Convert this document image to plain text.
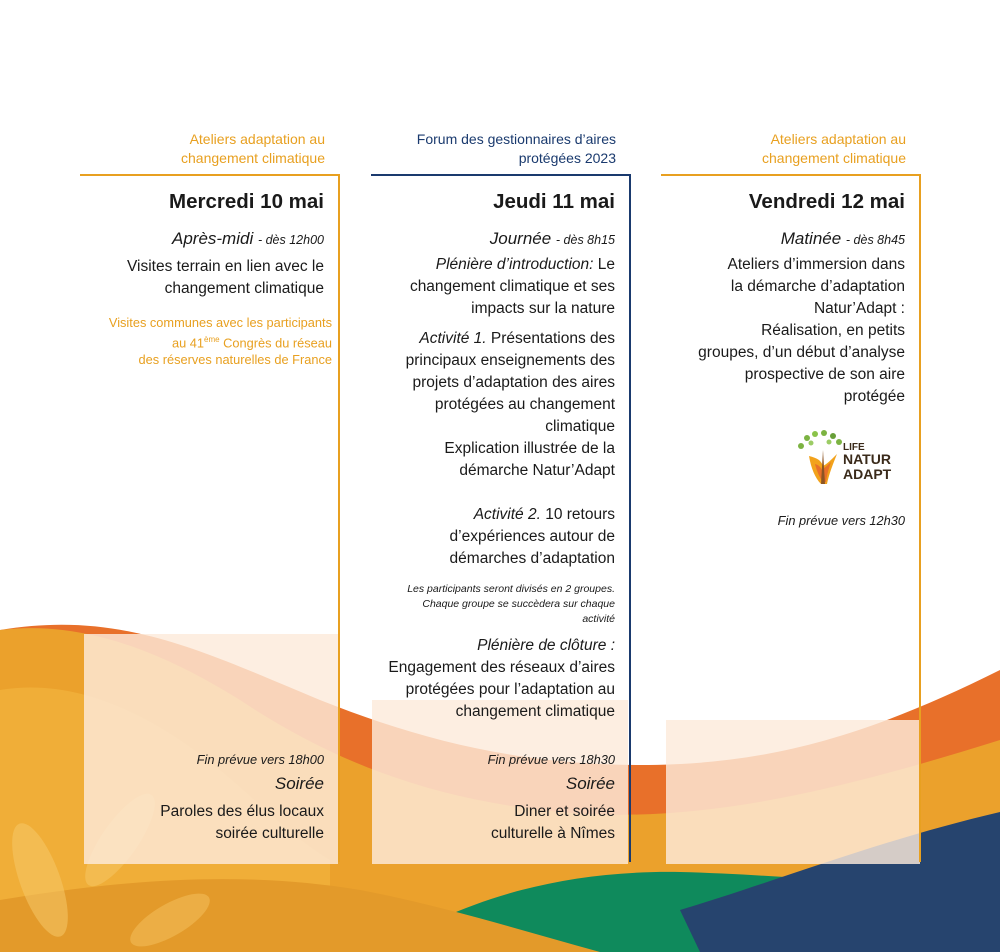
Ateliers adaptation au
changement climatique
Mercredi 10 mai
Après-midi - dès 12h00
Visites terrain en lien avec le
changement climatique
Visites communes avec les participants
au 41ème Congrès du réseau
des réserves naturelles de France
Fin prévue vers 18h00
Soirée
Paroles des élus locaux
soirée culturelle
Forum des gestionnaires d’aires
protégées 2023
Jeudi 11 mai
Journée - dès 8h15
Plénière d’introduction: Le
changement climatique et ses
impacts sur la nature
Activité 1. Présentations des
principaux enseignements des
projets d’adaptation des aires
protégées au changement
climatique
Explication illustrée de la
démarche Natur’Adapt
Activité 2. 10 retours
d’expériences autour de
démarches d’adaptation
Les participants seront divisés en 2 groupes.
Chaque groupe se succèdera sur chaque
activité
Plénière de clôture :
Engagement des réseaux d’aires
protégées pour l’adaptation au
changement climatique
Fin prévue vers 18h30
Soirée
Diner et soirée
culturelle à Nîmes
Ateliers adaptation au
changement climatique
Vendredi 12 mai
Matinée - dès 8h45
Ateliers d’immersion dans
la démarche d’adaptation
Natur’Adapt :
Réalisation, en petits
groupes, d’un début d’analyse
prospective de son aire
protégée
LIFE
NATUR
ADAPT
Fin prévue vers 12h30
